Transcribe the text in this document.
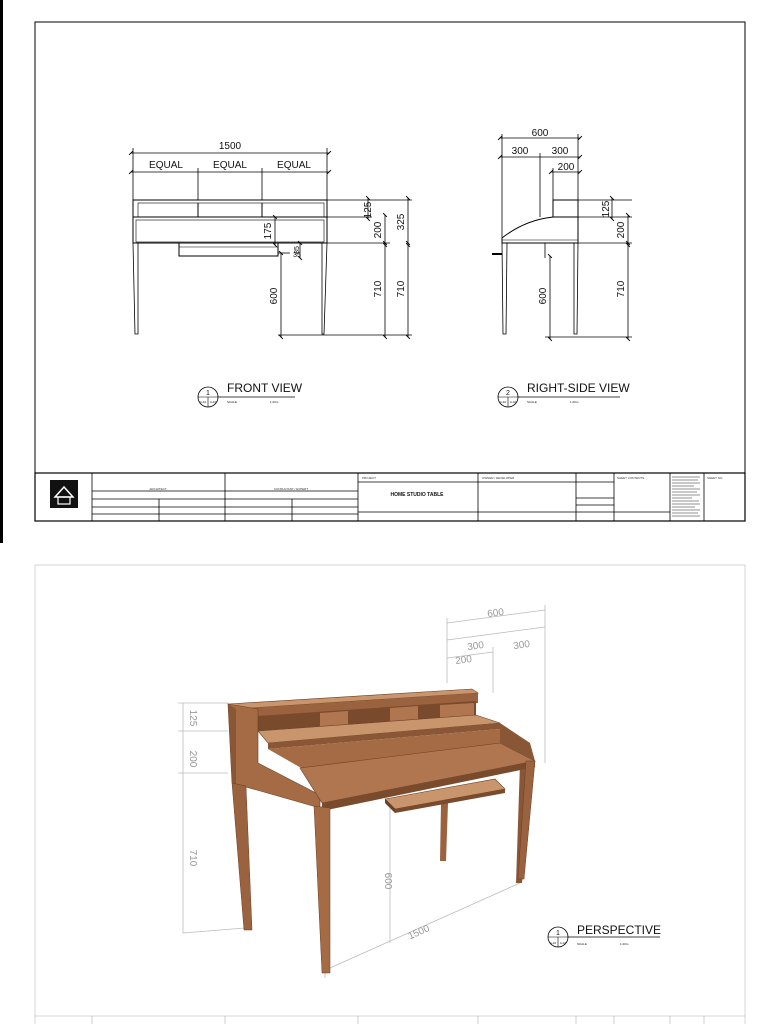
1500
EQUAL	EQUAL	EQUAL
125
200 325
175
85
35
600	710 710
1
A-10 A-10
FRONT VIEW
SCALE	1:20m
600
300 300
200
125
200
600	710
2
A-10 A-10
RIGHT-SIDE VIEW
SCALE	1:20m
ARCHITECT	CONSULTANT / EXPERT
PROJECT
HOME STUDIO TABLE
OWNER / DEVELOPER	SHEET CONTENTS	SHEET NO.
600
300	300
200
125
200
710
600
1500	1
A-10 A-10
PERSPECTIVE
SCALE	1:20m
